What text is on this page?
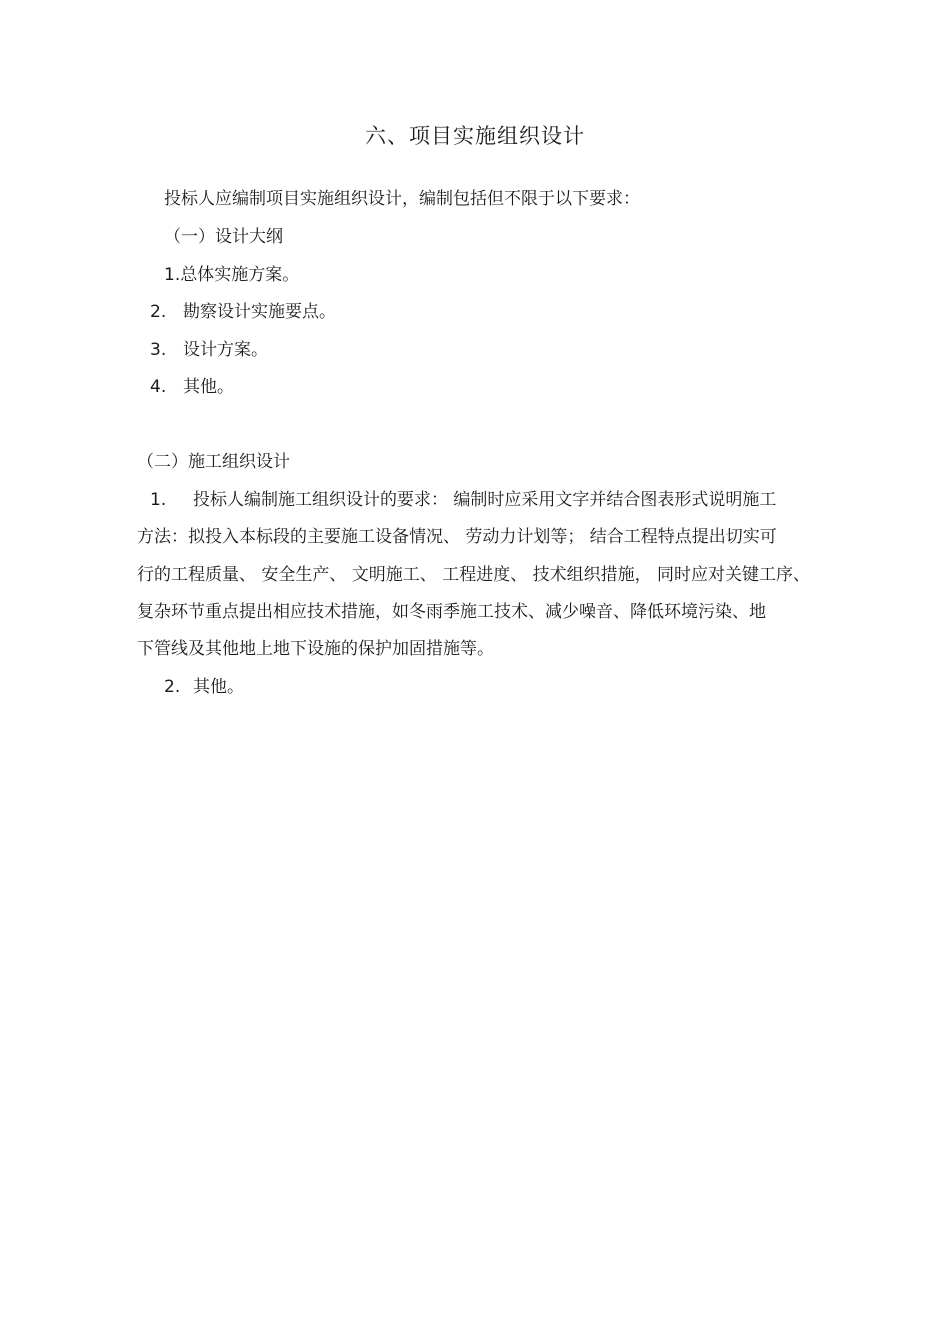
六、项目实施组织设计
投标人应编制项目实施组织设计，编制包括但不限于以下要求：
（一）设计大纲
1.总体实施方案。
2. 勘察设计实施要点。
3. 设计方案。
4. 其他。
（二）施工组织设计
1. 投标人编制施工组织设计的要求： 编制时应采用文字并结合图表形式说明施工
方法：拟投入本标段的主要施工设备情况、 劳动力计划等； 结合工程特点提出切实可
行的工程质量、 安全生产、 文明施工、 工程进度、 技术组织措施， 同时应对关键工序、
复杂环节重点提出相应技术措施，如冬雨季施工技术、减少噪音、降低环境污染、地
下管线及其他地上地下设施的保护加固措施等。
2. 其他。
